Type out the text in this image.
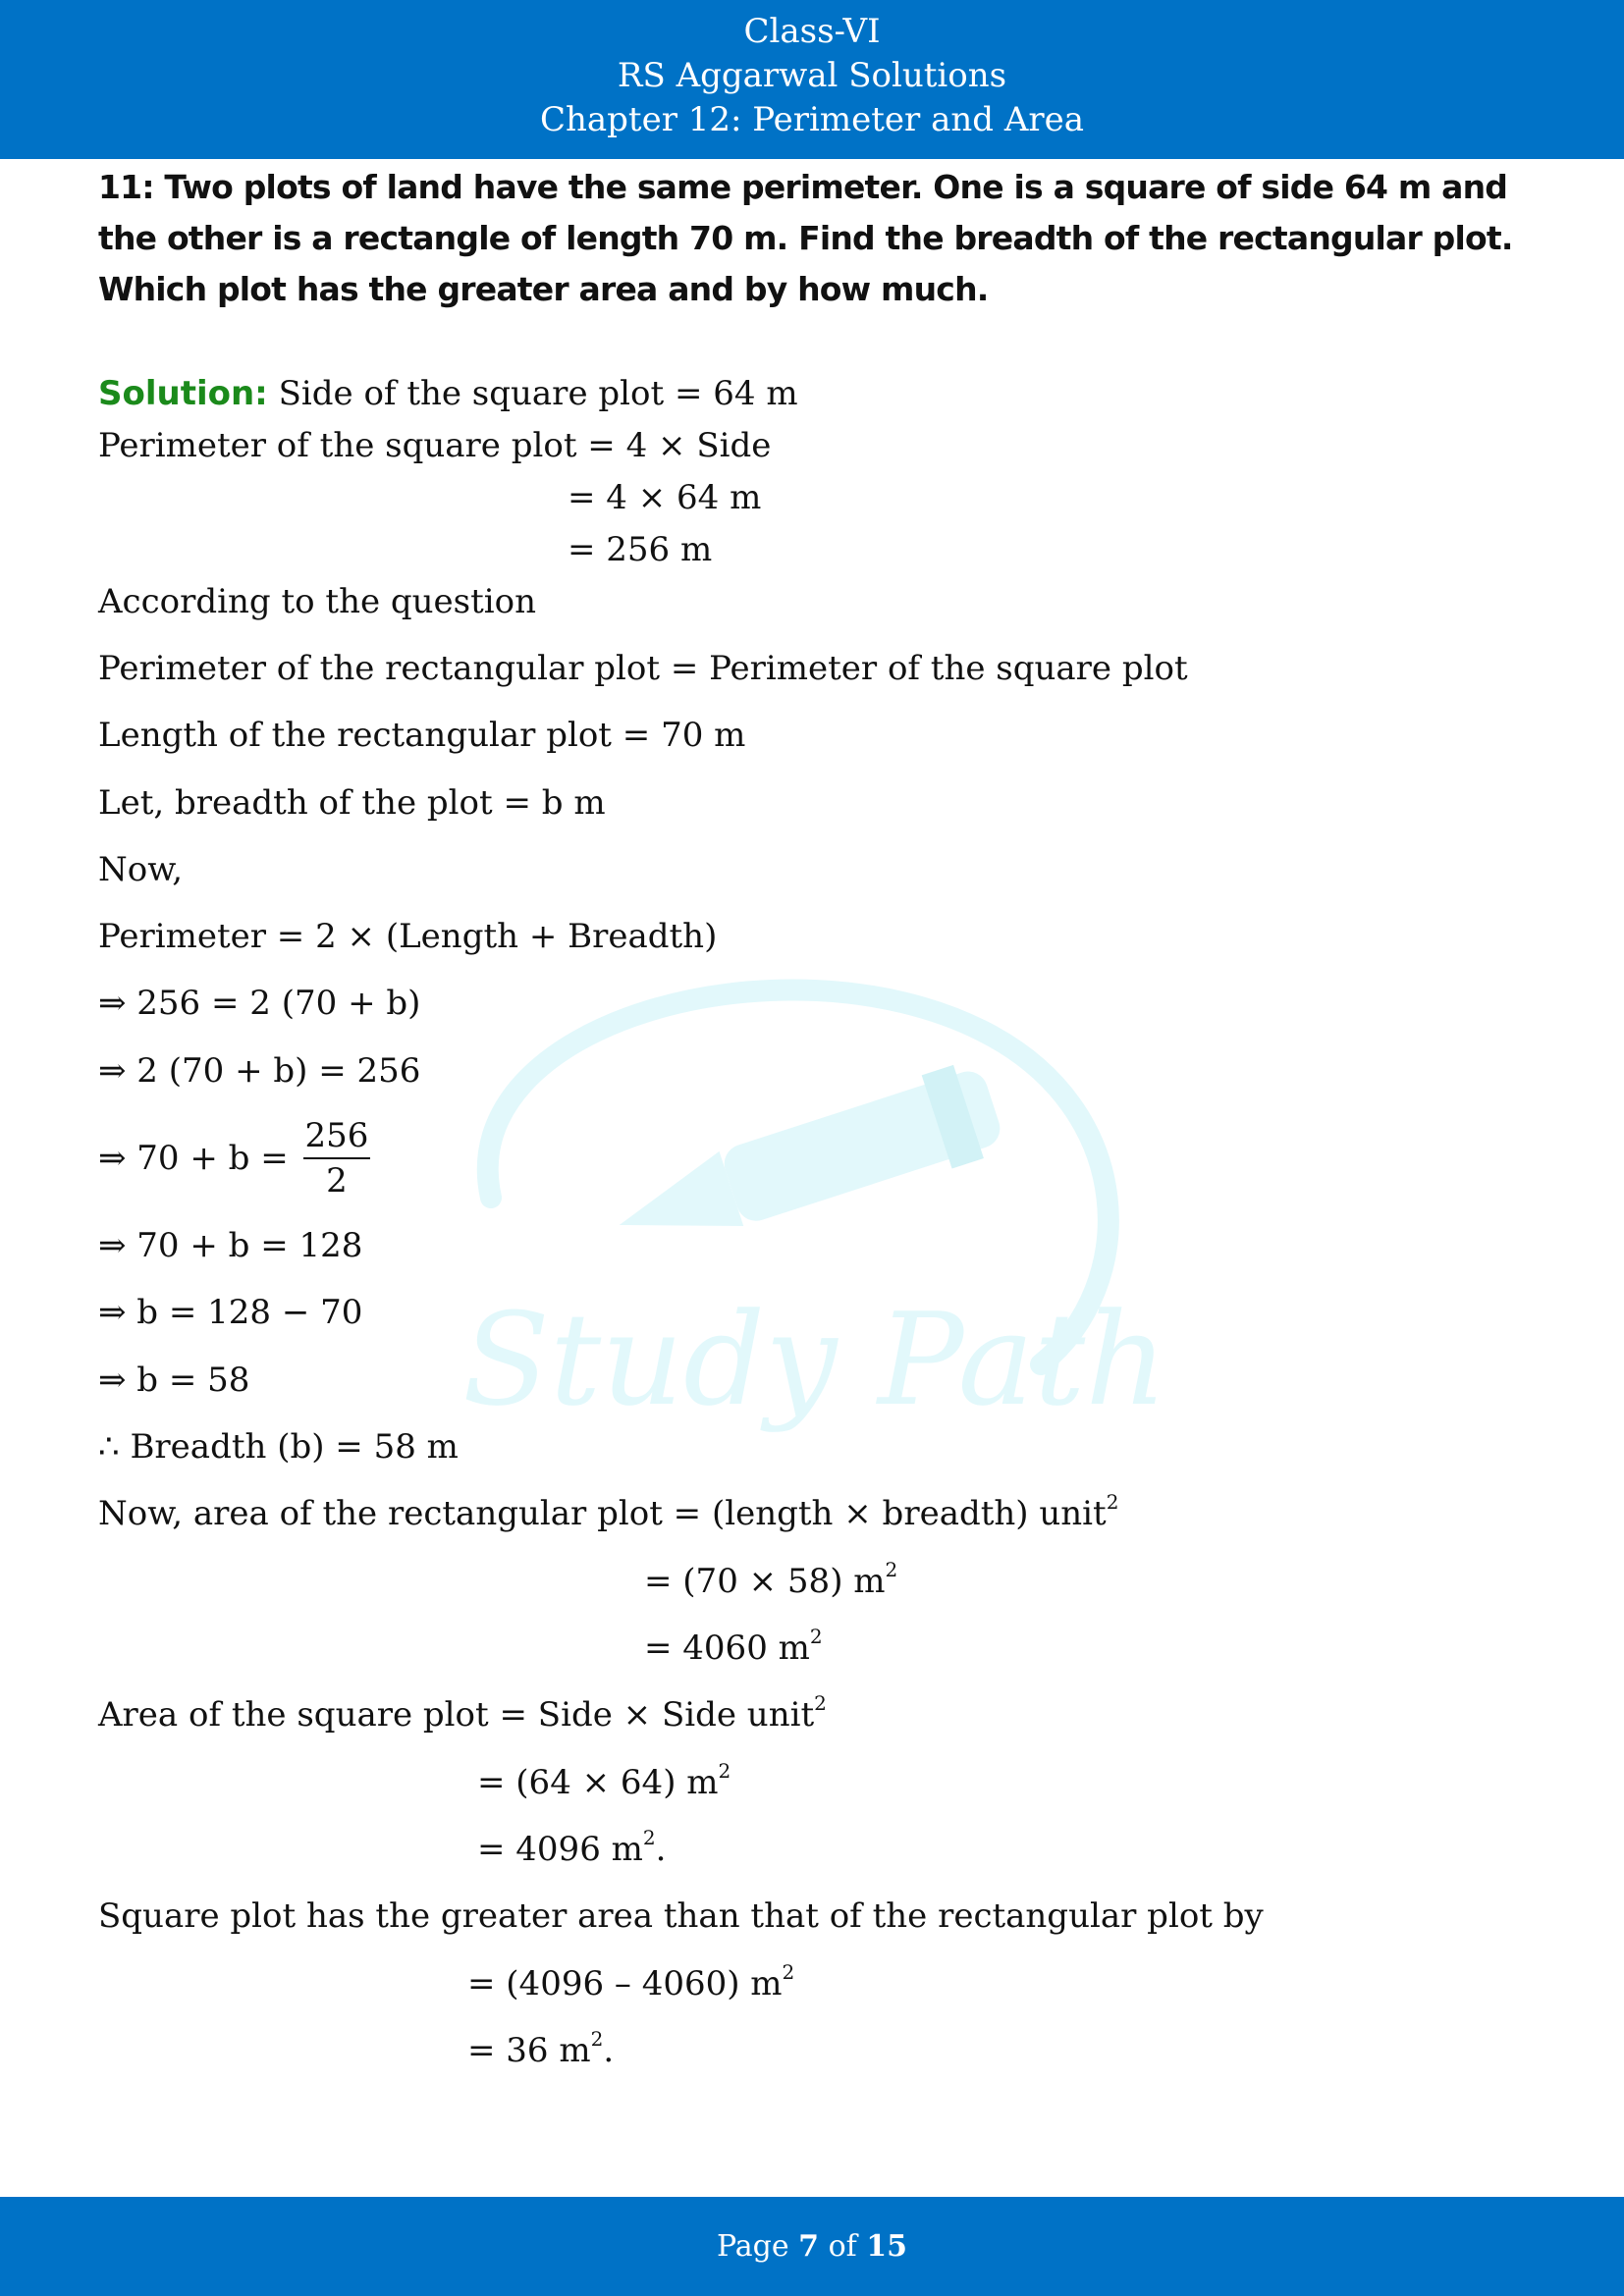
Class-VI
RS Aggarwal Solutions
Chapter 12: Perimeter and Area
Study Path
11: Two plots of land have the same perimeter. One is a square of side 64 m and the other is a rectangle of length 70 m. Find the breadth of the rectangular plot. Which plot has the greater area and by how much.
Solution: Side of the square plot = 64 m
Perimeter of the square plot = 4 × Side
= 4 × 64 m
= 256 m
According to the question
Perimeter of the rectangular plot = Perimeter of the square plot
Length of the rectangular plot = 70 m
Let, breadth of the plot = b m
Now,
Perimeter = 2 × (Length + Breadth)
⇒ 256 = 2 (70 + b)
⇒ 2 (70 + b) = 256
⇒ $70 + b = \frac{256}{2}$
⇒ 70 + b = 128
⇒ b = 128 − 70
⇒ b = 58
∴ Breadth (b) = 58 m
Now, area of the rectangular plot = (length × breadth) unit$^2$
= (70 × 58) $m^2$
= 4060 $m^2$
Area of the square plot = Side × Side unit$^2$
= (64 × 64) $m^2$
= 4096 $m^2$.
Square plot has the greater area than that of the rectangular plot by
= (4096 – 4060) $m^2$
= 36 $m^2$.
Page 7 of 15
